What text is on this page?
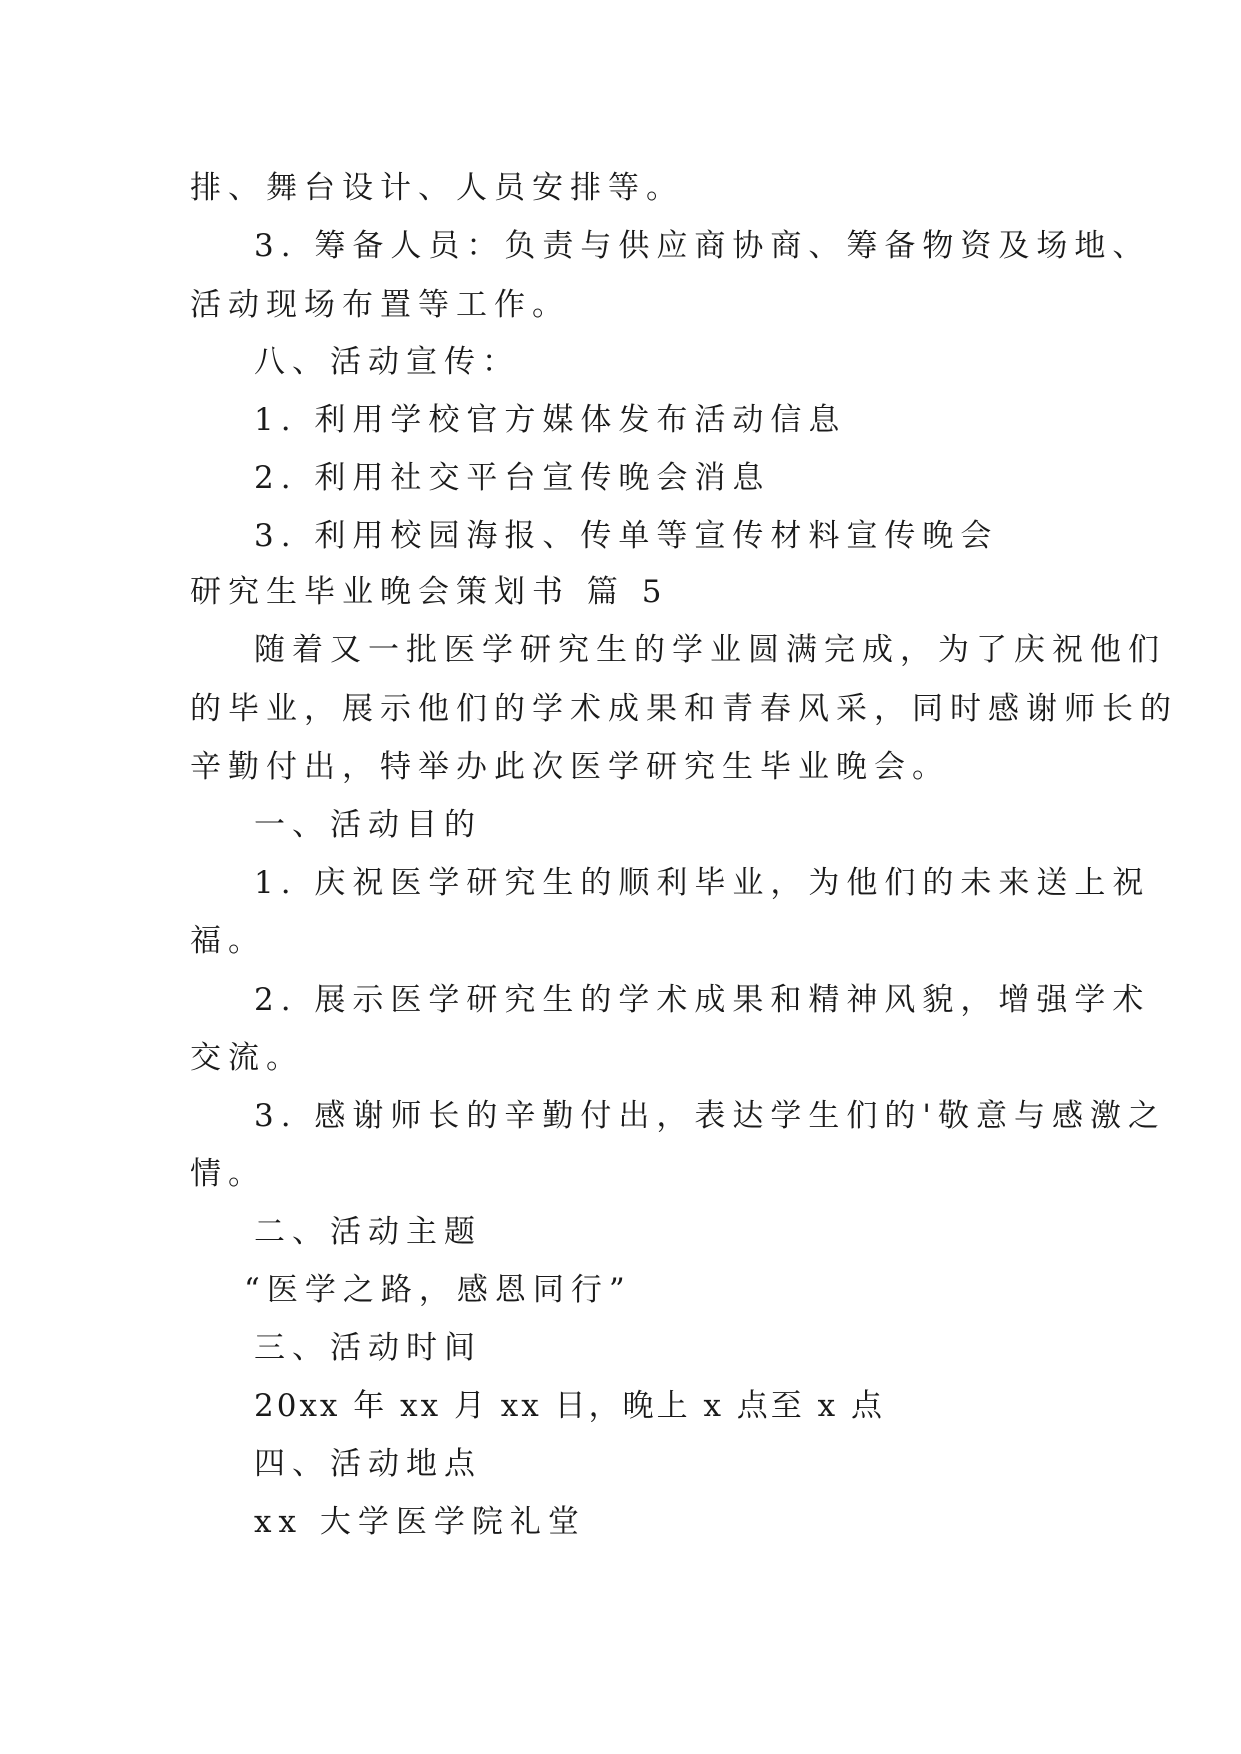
排、舞台设计、人员安排等。
3. 筹备人员：负责与供应商协商、筹备物资及场地、
活动现场布置等工作。
八、活动宣传：
1. 利用学校官方媒体发布活动信息
2. 利用社交平台宣传晚会消息
3. 利用校园海报、传单等宣传材料宣传晚会
研究生毕业晚会策划书 篇 5
随着又一批医学研究生的学业圆满完成，为了庆祝他们
的毕业，展示他们的学术成果和青春风采，同时感谢师长的
辛勤付出，特举办此次医学研究生毕业晚会。
一、活动目的
1. 庆祝医学研究生的顺利毕业，为他们的未来送上祝
福。
2. 展示医学研究生的学术成果和精神风貌，增强学术
交流。
3. 感谢师长的辛勤付出，表达学生们的'敬意与感激之
情。
二、活动主题
“医学之路，感恩同行”
三、活动时间
20xx 年 xx 月 xx 日，晚上 x 点至 x 点
四、活动地点
xx 大学医学院礼堂
